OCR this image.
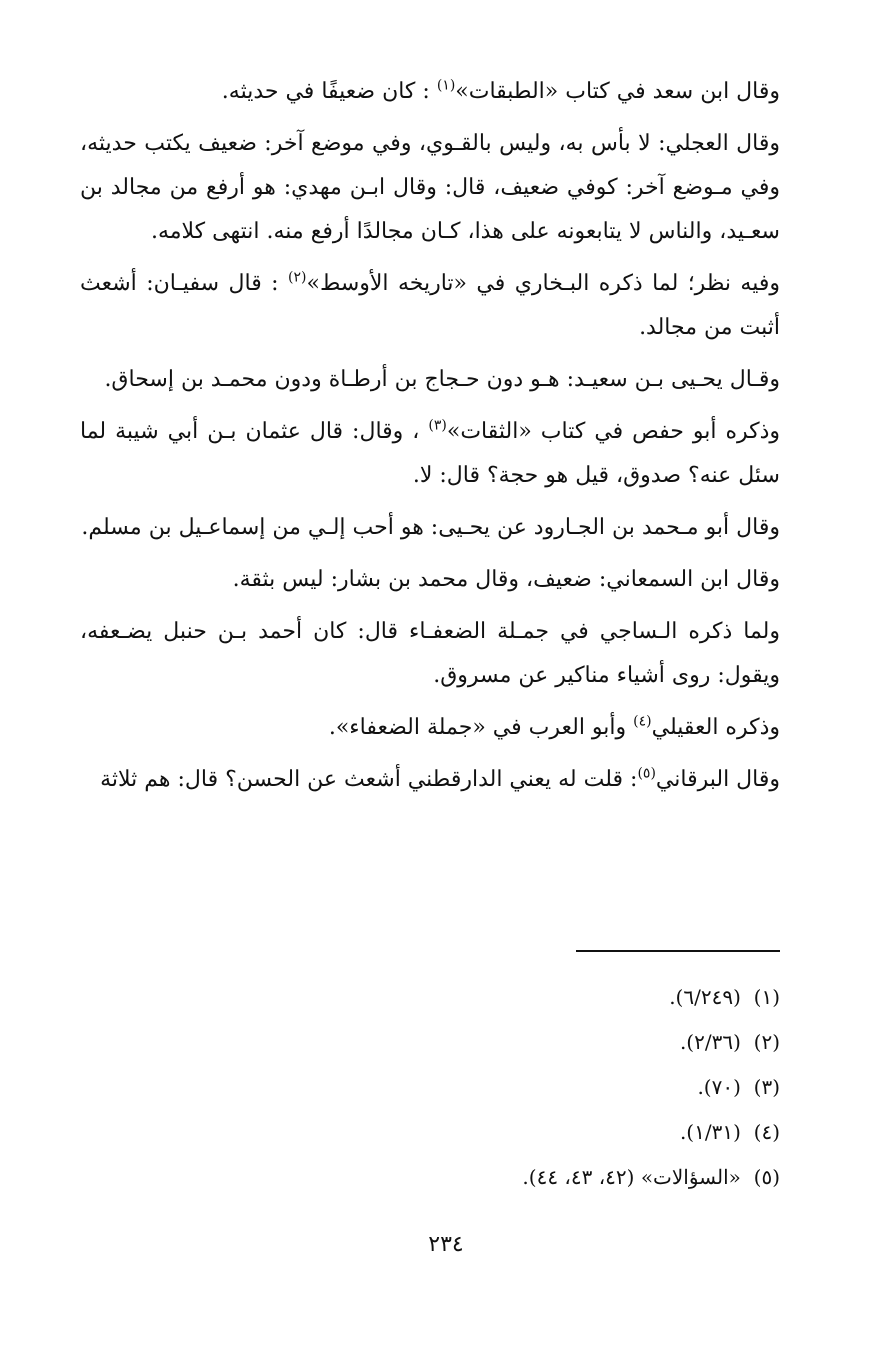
وقال ابن سعد في كتاب «الطبقات»$^{(١)}$ : كان ضعيفًا في حديثه.

وقال العجلي: لا بأس به، وليس بالقـوي، وفي موضع آخر: ضعيف يكتب حديثه، وفي مـوضع آخر: كوفي ضعيف، قال: وقال ابـن مهدي: هو أرفع من مجالد بن سعـيد، والناس لا يتابعونه على هذا، كـان مجالدًا أرفع منه. انتهى كلامه.

وفيه نظر؛ لما ذكره البـخاري في «تاريخه الأوسط»$^{(٢)}$ : قال سفيـان: أشعث أثبت من مجالد.

وقـال يحـيى بـن سعيـد: هـو دون حـجاج بن أرطـاة ودون محمـد بن إسحاق.

وذكره أبو حفص في كتاب «الثقات»$^{(٣)}$ ، وقال: قال عثمان بـن أبي شيبة لما سئل عنه؟ صدوق، قيل هو حجة؟ قال: لا.

وقال أبو مـحمد بن الجـارود عن يحـيى: هو أحب إلـي من إسماعـيل بن مسلم.

وقال ابن السمعاني: ضعيف، وقال محمد بن بشار: ليس بثقة.

ولما ذكره الـساجي في جمـلة الضعفـاء قال: كان أحمد بـن حنبل يضـعفه، ويقول: روى أشياء مناكير عن مسروق.

وذكره العقيلي$^{(٤)}$ وأبو العرب في «جملة الضعفاء».

وقال البرقاني$^{(٥)}$: قلت له يعني الدارقطني أشعث عن الحسن؟ قال: هم ثلاثة

(١)  (٦/٢٤٩).

(٢)  (٢/٣٦).

(٣)  (٧٠).

(٤)  (١/٣١).

(٥)  «السؤالات» (٤٢، ٤٣، ٤٤).

٢٣٤
